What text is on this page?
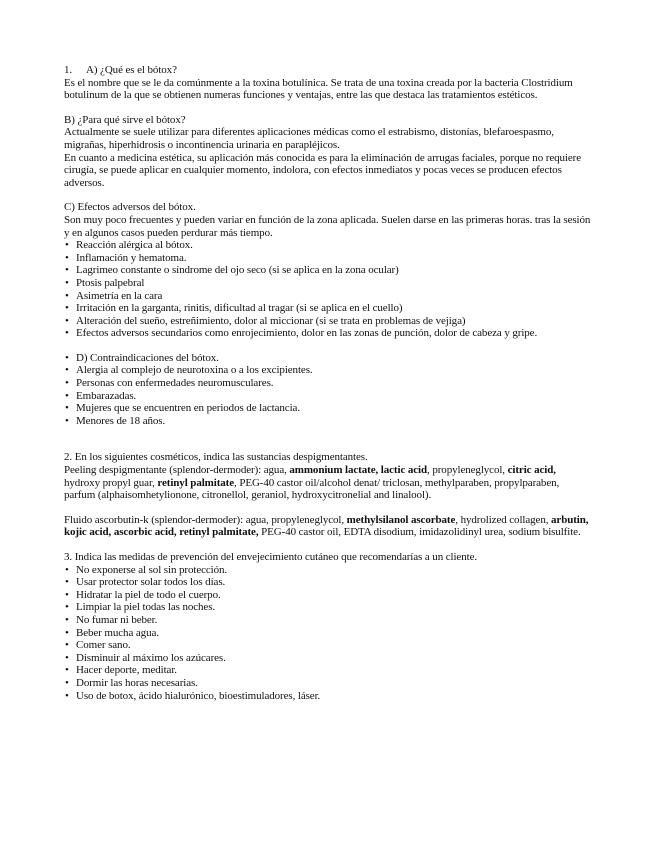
1. A) ¿Qué es el bótox?

Es el nombre que se le da comúnmente a la toxina botulínica. Se trata de una toxina creada por la bacteria Clostridium botulinum de la que se obtienen numeras funciones y ventajas, entre las que destaca las tratamientos estéticos.

B) ¿Para qué sirve el bótox?

Actualmente se suele utilizar para diferentes aplicaciones médicas como el estrabismo, distonías, blefaroespasmo, migrañas, hiperhidrosis o incontinencia urinaria en parapléjicos.

En cuanto a medicina estética, su aplicación más conocida es para la eliminación de arrugas faciales, porque no requiere cirugía, se puede aplicar en cualquier momento, indolora, con efectos inmediatos y pocas veces se producen efectos adversos.

C) Efectos adversos del bótox.

Son muy poco frecuentes y pueden variar en función de la zona aplicada. Suelen darse en las primeras horas. tras la sesión y en algunos casos pueden perdurar más tiempo.

• Reacción alérgica al bótox.
• Inflamación y hematoma.
• Lagrimeo constante o síndrome del ojo seco (si se aplica en la zona ocular)
• Ptosis palpebral
• Asimetría en la cara
• Irritación en la garganta, rinitis, dificultad al tragar (si se aplica en el cuello)
• Alteración del sueño, estreñimiento, dolor al miccionar (si se trata en problemas de vejiga)
• Efectos adversos secundarios como enrojecimiento, dolor en las zonas de punción, dolor de cabeza y gripe.
• D) Contraindicaciones del bótox.
• Alergia al complejo de neurotoxina o a los excipientes.
• Personas con enfermedades neuromusculares.
• Embarazadas.
• Mujeres que se encuentren en periodos de lactancia.
• Menores de 18 años.

2. En los siguientes cosméticos, indica las sustancias despigmentantes.

Peeling despigmentante (splendor-dermoder): agua, ammonium lactate, lactic acid, propyleneglycol, citric acid, hydroxy propyl guar, retinyl palmitate, PEG-40 castor oil/alcohol denat/ triclosan, methylparaben, propylparaben, parfum (alphaisomhetylionone, citronellol, geraniol, hydroxycitronelial and linalool).

Fluido ascorbutin-k (splendor-dermoder): agua, propyleneglycol, methylsilanol ascorbate, hydrolized collagen, arbutin, kojic acid, ascorbic acid, retinyl palmitate, PEG-40 castor oil, EDTA disodium, imidazolidinyl urea, sodium bisulfite.

3. Indica las medidas de prevención del envejecimiento cutáneo que recomendarías a un cliente.

• No exponerse al sol sin protección.
• Usar protector solar todos los días.
• Hidratar la piel de todo el cuerpo.
• Limpiar la piel todas las noches.
• No fumar ni beber.
• Beber mucha agua.
• Comer sano.
• Disminuir al máximo los azúcares.
• Hacer deporte, meditar.
• Dormir las horas necesarias.
• Uso de botox, ácido hialurónico, bioestimuladores, láser.
